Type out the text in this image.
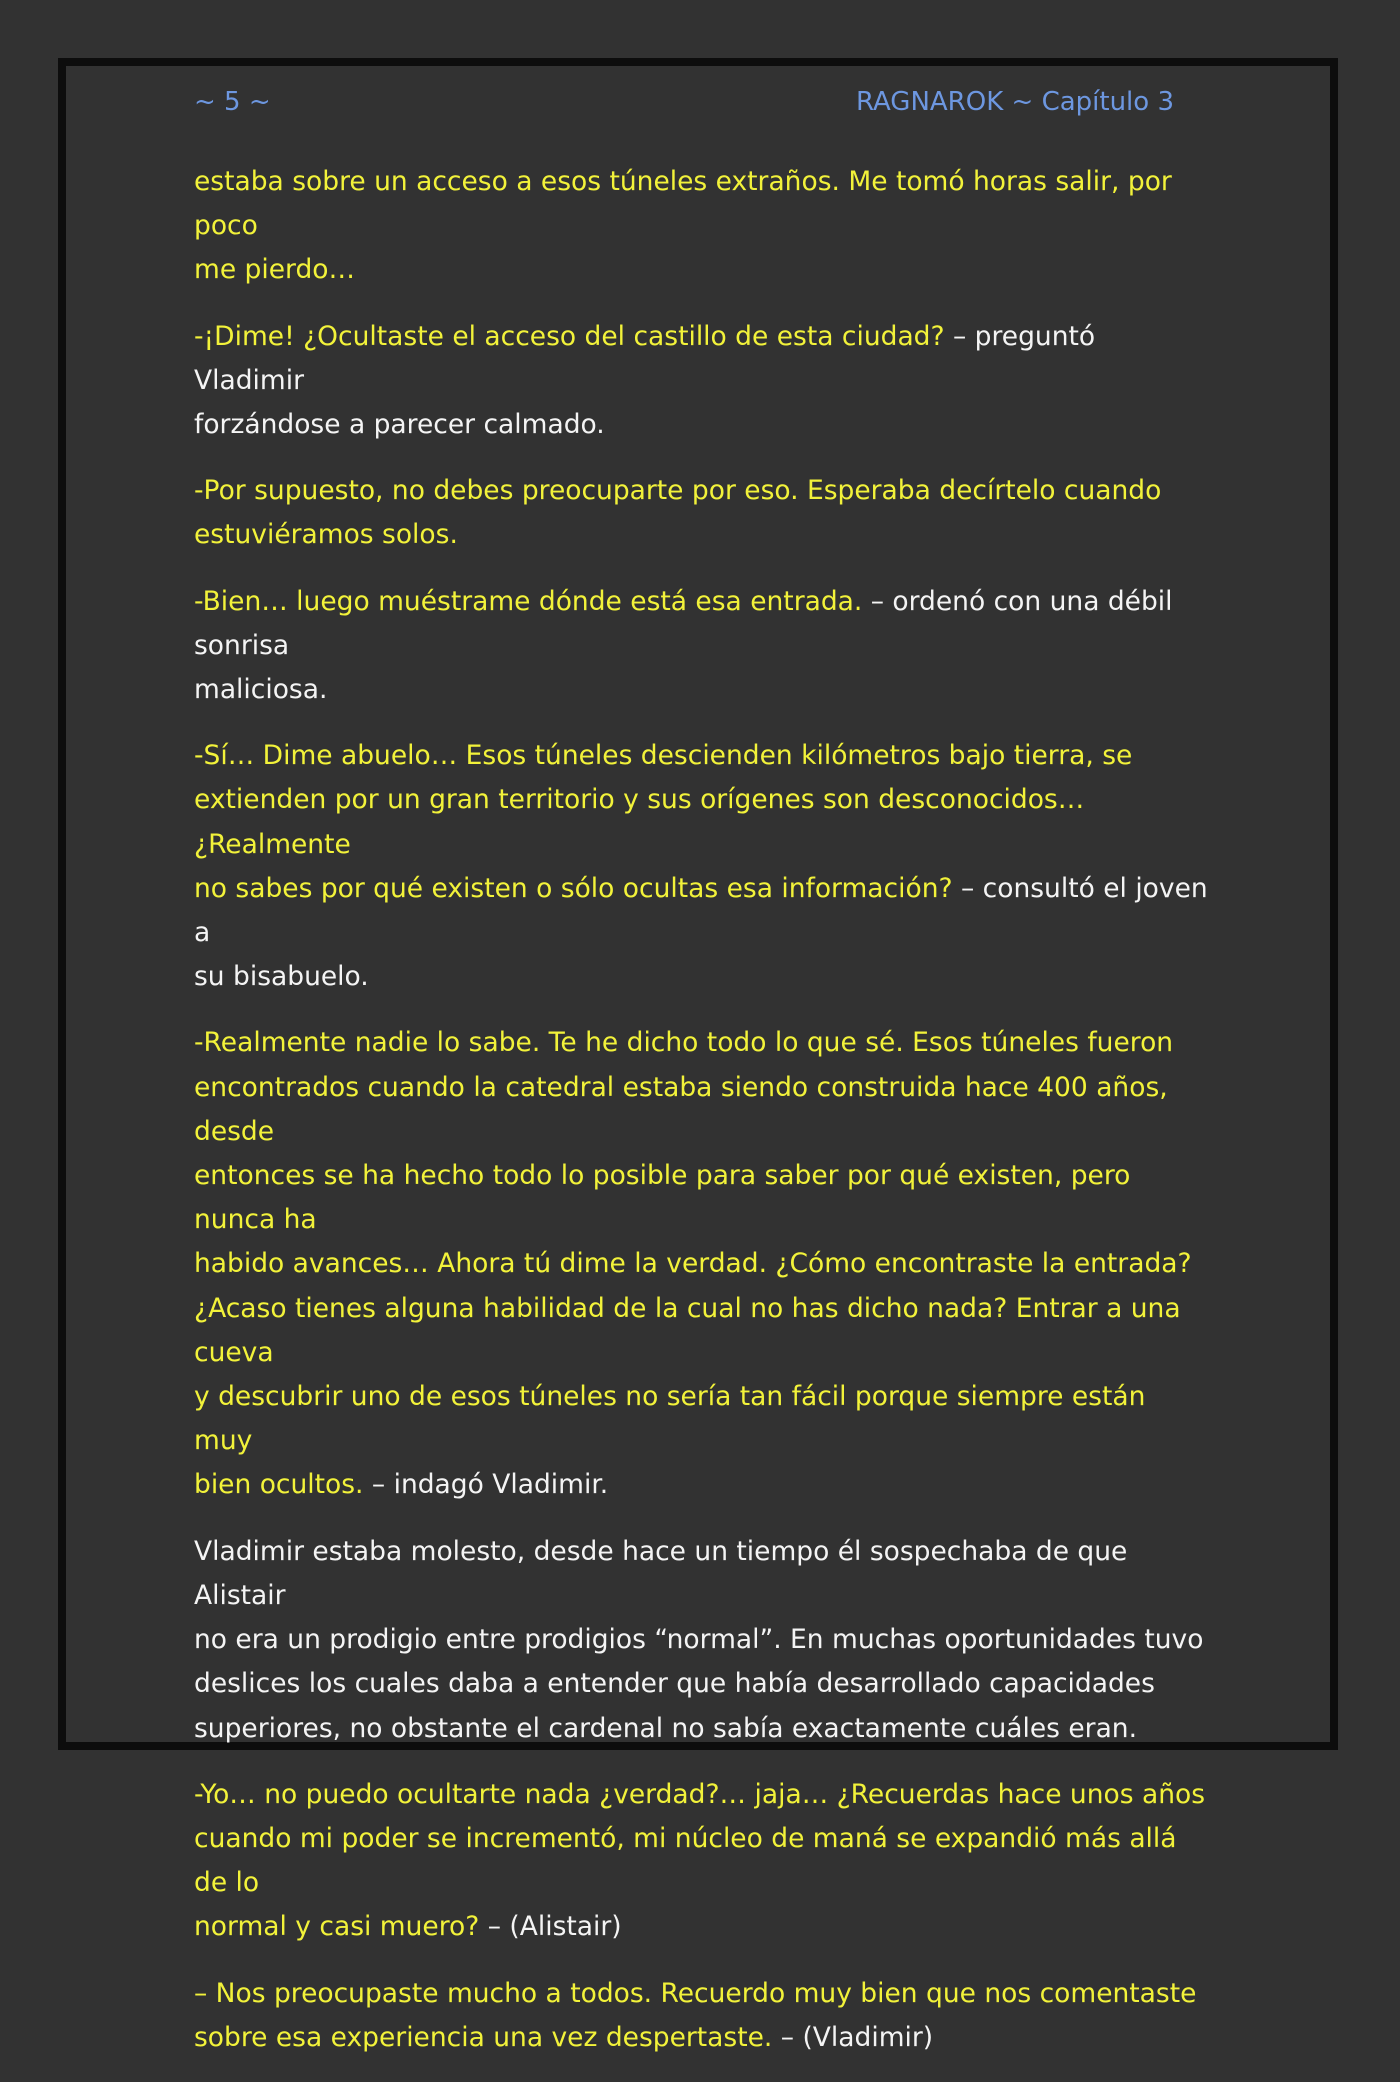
~ 5 ~	RAGNAROK ~ Capítulo 3

estaba sobre un acceso a esos túneles extraños. Me tomó horas salir, por poco
me pierdo…

-¡Dime! ¿Ocultaste el acceso del castillo de esta ciudad? – preguntó Vladimir
forzándose a parecer calmado.

-Por supuesto, no debes preocuparte por eso. Esperaba decírtelo cuando
estuviéramos solos.

-Bien… luego muéstrame dónde está esa entrada. – ordenó con una débil sonrisa
maliciosa.

-Sí… Dime abuelo… Esos túneles descienden kilómetros bajo tierra, se
extienden por un gran territorio y sus orígenes son desconocidos… ¿Realmente
no sabes por qué existen o sólo ocultas esa información? – consultó el joven a
su bisabuelo.

-Realmente nadie lo sabe. Te he dicho todo lo que sé. Esos túneles fueron
encontrados cuando la catedral estaba siendo construida hace 400 años, desde
entonces se ha hecho todo lo posible para saber por qué existen, pero nunca ha
habido avances… Ahora tú dime la verdad. ¿Cómo encontraste la entrada?
¿Acaso tienes alguna habilidad de la cual no has dicho nada? Entrar a una cueva
y descubrir uno de esos túneles no sería tan fácil porque siempre están muy
bien ocultos. – indagó Vladimir.

Vladimir estaba molesto, desde hace un tiempo él sospechaba de que Alistair
no era un prodigio entre prodigios “normal”. En muchas oportunidades tuvo
deslices los cuales daba a entender que había desarrollado capacidades
superiores, no obstante el cardenal no sabía exactamente cuáles eran.

-Yo… no puedo ocultarte nada ¿verdad?… jaja… ¿Recuerdas hace unos años
cuando mi poder se incrementó, mi núcleo de maná se expandió más allá de lo
normal y casi muero? – (Alistair)

– Nos preocupaste mucho a todos. Recuerdo muy bien que nos comentaste
sobre esa experiencia una vez despertaste. – (Vladimir)
